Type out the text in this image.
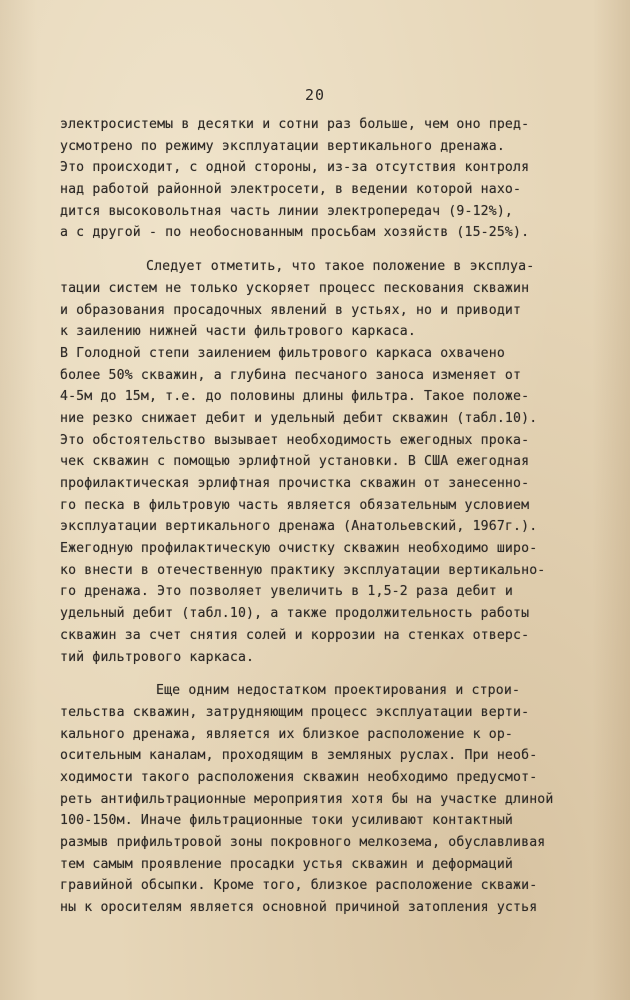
20
электросистемы в десятки и сотни раз больше, чем оно пред-
усмотрено по режиму эксплуатации вертикального дренажа.
Это происходит, с одной стороны, из-за отсутствия контроля
над работой районной электросети, в ведении которой нахо-
дится высоковольтная часть линии электропередач (9-12%),
а с другой - по необоснованным просьбам хозяйств (15-25%).
Следует отметить, что такое положение в эксплуа-
тации систем не только ускоряет процесс пескования скважин
и образования просадочных явлений в устьях, но и приводит
к заилению нижней части фильтрового каркаса.
В Голодной степи заилением фильтрового каркаса охвачено
более 50% скважин, а глубина песчаного заноса изменяет от
4-5м до 15м, т.е. до половины длины фильтра. Такое положе-
ние резко снижает дебит и удельный дебит скважин (табл.10).
Это обстоятельство вызывает необходимость ежегодных прока-
чек скважин с помощью эрлифтной установки. В США ежегодная
профилактическая эрлифтная прочистка скважин от занесенно-
го песка в фильтровую часть является обязательным условием
эксплуатации вертикального дренажа (Анатольевский, 1967г.).
Ежегодную профилактическую очистку скважин необходимо широ-
ко внести в отечественную практику эксплуатации вертикально-
го дренажа. Это позволяет увеличить в 1,5-2 раза дебит и
удельный дебит (табл.10), а также продолжительность работы
скважин за счет снятия солей и коррозии на стенках отверс-
тий фильтрового каркаса.
Еще одним недостатком проектирования и строи-
тельства скважин, затрудняющим процесс эксплуатации верти-
кального дренажа, является их близкое расположение к ор-
осительным каналам, проходящим в земляных руслах. При необ-
ходимости такого расположения скважин необходимо предусмот-
реть антифильтрационные мероприятия хотя бы на участке длиной
100-150м. Иначе фильтрационные токи усиливают контактный
размыв прифильтровой зоны покровного мелкозема, обуславливая
тем самым проявление просадки устья скважин и деформаций
гравийной обсыпки. Кроме того, близкое расположение скважи-
ны к оросителям является основной причиной затопления устья
